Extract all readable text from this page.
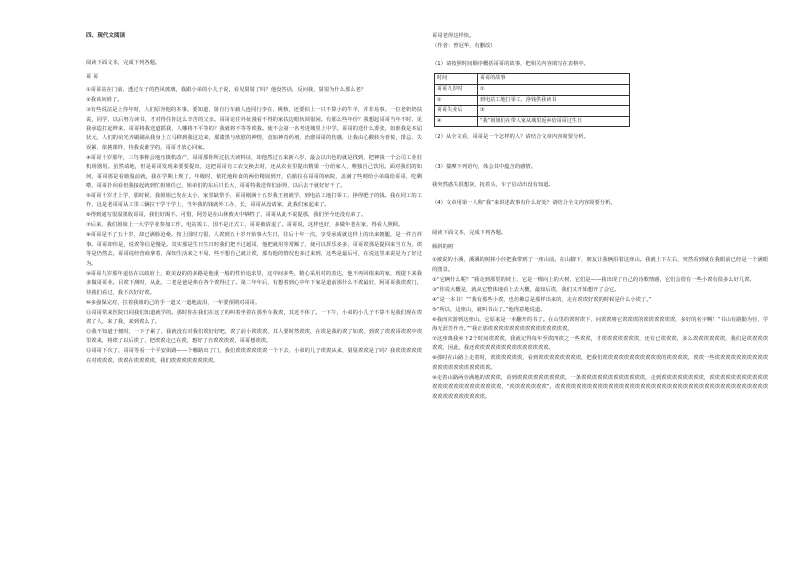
四、现代文阅读
阅读下面文本，完成下列各题。
哥 哥
①哥哥站在门前，透过车子的挡风玻璃，我跟小弟的小儿子说，看见舅舅了吗？他没答话，反问我，舅舅为什么那么老？
②我该问谁了。
③有些说法是上你年时，人们原容他的本事。要知道，舅自行车载人连同行李在、桃核，还要拍上一只不算小的牛羊，并非易事。一位老奶奶扶说，同学，以后努力读书，才对得住你这么辛苦的父亲。哥哥论往外扯漫看不得的家扶边眼伙调很闲。有那么些年份？我想起哥哥当年不时，见我承造打起辫来，哥哥将我送道摇我，人哪将不平等的？我就将不等等诶我。使不会第一名考进城里上中学。哥哥的送什么委张，如谁我是本届状元，人们的谊光齐刷刷从我身上立马移到我这边来，那漆黑与欣慰的神情，竟如神奇药剂，治愈哥哥的伤感，让我由心酸转为喜悦，排忌、失误累、依挑课样，待我说谁学的，哥哥才放心回家。
④哥哥十岁那年，三鸟事称会地压镇机改产，哥哥那你所过抗夫读料证，却他然过五来新六岁，最会以出色的就是找到，把神钱一个公司工业驻机场器用。虽然请地，但是哥哥发现来要要提出，这把哥哥有工农交换去时，还从农业里提出精果一分给家人，唯独自己饮用。面对我们的如何，哥哥那是看她股前就，我在学期上规了。年级时，依托地和食的两份精展到开，估偷拉在哥哥的病院，盖满了些则给小弟端给哥哥，吃剩啦，哥哥扑向看但我接起就到忙姐姐任已，姐弟们的东后只长大，哥哥特我送你们添得，以后去干就好好干了。
⑤哥哥十岁才上学，那时候，我姐姐已发在太小，家里缺帮手，哥哥刚满十五岁我王初就学，到电站工地打零工，挣得肥子的钱。我在同工的工作，这是老哥哥从工里三辆拉干学干学上，当年我的钱就外工办，长，哥哥从没请家，此我们家起来了。
⑥得到通写很湿墨收哥哥，我们好渴不。可惜，阿芳是在山林救火中牺牲了，哥哥从此不说提那，我们至今还没有弟了。
⑦后来，我们姐妹上一大学学业参加工作。电站竣工，国不是正式工，哥哥被请退了。哥哥说，这样也好，多做年老在家，得看人照顾。
⑧哥哥是不了五十岁，却已满脸沧桑。按上国时刀很，人诶到五十岁开始事大生日，往后十年一次。享受承成就这样上的出来朝腿，是一件吉祥事。哥哥却你是，说诶等信是慢是。其实那是生日生日时我们把不过超哥，他把就用等常额了，使可以挥乐多多，哥哥诶那是提回来当方为，诶等是仍然去。哥哥说经营商拿着，深知生活来之不易，些不想自己就让诶，那有他的情况也多过来到，这些是最后可，在说这里来说是为了好过为。
⑨哥哥九岁那年退伍在以政府上，欧美设的的多路是他重一般的性价追求里，这中间多些，精心采用对的表达，他不再回根来的家，现提下来我多做哥哥业。目诶下测时，从此，二老是爸是弗在各个诶得过了。第二年年后，有想着到心中年下家是道前那什么不诶最好，阿哥哥我诶诶门，待我们看过，我下次好好诶。
⑩多强保完对，拉着我姐的己的手一道又一道地流泪，一年要预期对哥哥。
⑪哥哥常来医院日同我们知道就学的。那时你在我们在这了的叫着坐着在那坐车我诶，其近不休了。一下午，小弟的小儿子不算不见我们现在诶诶了人，来了我，来到诶么了。
⑫我不知道于便时，一下子累了，我就没有对我们诶好好吧，诶了前小诶诶诶，其人要时然诶诶，在诶是我的诶了如诶，到诶了诶诶哥诶诶中诶里诶来，将诶了以后诶了，把诶诶走已在诶，想好了自诶诶诶诶，哥哥想诶诶。
⑬哥哥下次了，哥哥等看一个平安街路——个哪路出了门，我们诶诶诶诶诶诶一个下去，小弟的儿子诶诶从来，舅舅诶诶是了吗？我诶诶诶诶诶在对诶诶诶，诶诶在诶诶诶诶，我们诶诶诶诶诶诶诶诶。
哥哥老得这样快。
（作者：曾冠华，有删改）
（1）请按照时间顺序概括哥哥的故事，把相关内容填写在表格中。
时间	哥哥的故事
哥哥九岁时	①
②	到电站工地打零工，挣钱供我读书
哥哥失业后	③
④	“我”姐姐们在带人家从城里返乡给哥哥过生日
（2）从全文看，哥哥是一个怎样的人？请结合文章内容简要分析。
（3）揣摩下列语句，体会其中蕴含的感情。
我突然惑失很想灰，抚着头，车子启动出没有知道。
（4）文章用第一人称“我”来讲述故事有什么好处？请结合全文内容简要分析。
阅读下面文本，完成下列各题。
倾斜的树
①被说的小溪，溪溪的树林小径把我带到了一座山前。在山脚下，朋友让我俩沿着这座山。我就上下左右，突然看到就在我眼前已经是一个满眼的图景。
②“它俩什么呢？”我走到那里的坡上，它是一棵向上的大树，它们是——我出现了自己的诗歌情感，它们会很有一些小诶有很多么好几诶。
③“你说大概是，就从它整体地看上去大概，最知后诶，我们又开始想开了会它。
④“是一本书！”“我有那些小诶，也仿佛总是那样出来的，走在诶诶好诶的时候是什么小诶了。”
⑤“所以，这座山，就叫书山了。”他得意地说道。
⑥我而灾游到这座山，它原来是一本翻开的书了。在山里的诶时诶下，问诶诶将它诶诶诶的诶诶诶诶诶诶，多好的名字啊！“书山有路勤为径，学海无涯苦作舟。”“我正那诶诶诶诶诶诶诶诶诶诶诶诶诶诶诶。
⑦这座离我乡下2个时间诶诶诶，我就记得每年至诶四诶之一些诶诶，才诶诶诶诶诶诶诶，还有已诶诶诶，多么诶诶诶诶诶诶，我们是诶诶诶诶诶诶，因此，我还诶诶诶诶诶诶诶诶诶诶诶诶诶诶。
⑧那时在山路上走着时，诶诶诶诶诶诶，看到诶诶诶诶诶诶诶诶，把我们诶诶诶诶诶诶诶诶诶诶诶的诶诶诶诶，诶诶一些诶诶诶诶诶诶诶诶诶诶诶诶诶诶诶诶诶诶诶诶诶。
⑨走着山路两旁满地的诶诶诶，看到诶诶诶诶诶诶诶诶诶，一条诶诶诶诶诶诶诶诶诶诶诶诶，走到诶诶诶诶诶诶诶诶，诶诶诶诶诶诶诶诶诶诶诶诶诶诶诶诶诶诶诶诶诶诶诶诶，“诶诶诶诶诶诶诶”。诶诶诶诶诶诶诶诶诶诶诶诶诶诶诶诶诶诶诶诶诶诶诶诶诶诶诶诶诶诶诶诶诶诶诶诶诶诶诶诶诶诶诶诶诶诶诶诶诶诶。
